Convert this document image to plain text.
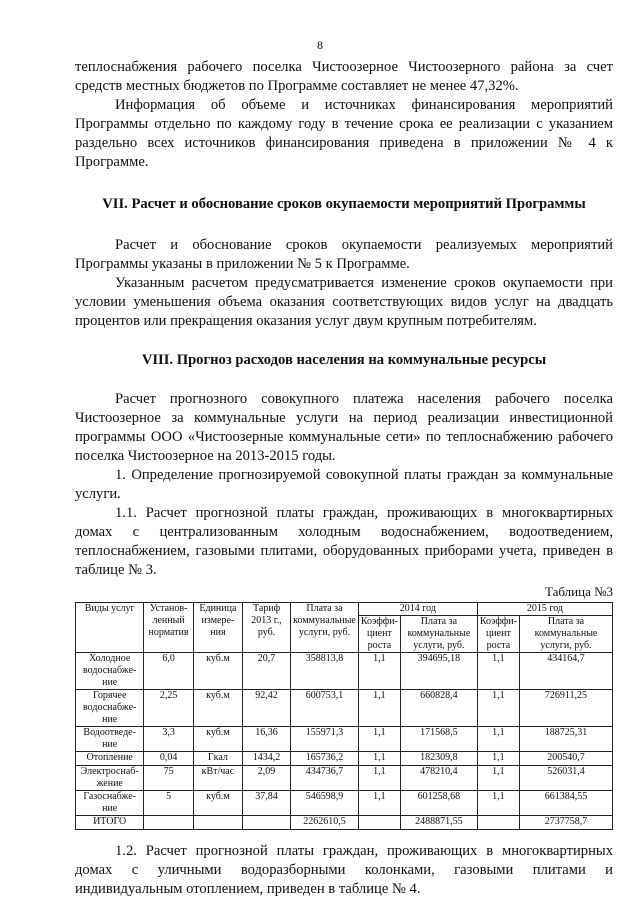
8

теплоснабжения рабочего поселка Чистоозерное Чистоозерного района за счет средств местных бюджетов по Программе составляет не менее 47,32%.

Информация об объеме и источниках финансирования мероприятий Программы отдельно по каждому году в течение срока ее реализации с указанием раздельно всех источников финансирования приведена в приложении № 4 к Программе.

VII. Расчет и обоснование сроков окупаемости мероприятий Программы

Расчет и обоснование сроков окупаемости реализуемых мероприятий Программы указаны в приложении № 5 к Программе.

Указанным расчетом предусматривается изменение сроков окупаемости при условии уменьшения объема оказания соответствующих видов услуг на двадцать процентов или прекращения оказания услуг двум крупным потребителям.

VIII. Прогноз расходов населения на коммунальные ресурсы

Расчет прогнозного совокупного платежа населения рабочего поселка Чистоозерное за коммунальные услуги на период реализации инвестиционной программы ООО «Чистоозерные коммунальные сети» по теплоснабжению рабочего поселка Чистоозерное на 2013-2015 годы.

1. Определение прогнозируемой совокупной платы граждан за коммунальные услуги.

1.1. Расчет прогнозной платы граждан, проживающих в многоквартирных домах с централизованным холодным водоснабжением, водоотведением, теплоснабжением, газовыми плитами, оборудованных приборами учета, приведен в таблице № 3.

Таблица №3
Виды услуг	Установ-ленный норматив	Единица измере-ния	Тариф 2013 г., руб.	Плата за коммунальные услуги, руб.	2014 год		2015 год	
					Коэффи-циент роста	Плата за коммунальные услуги, руб.	Коэффи-циент роста	Плата за коммунальные услуги, руб.
Холодное водоснабже-ние	6,0	куб.м	20,7	358813,8	1,1	394695,18	1,1	434164,7
Горячее водоснабже-ние	2,25	куб.м	92,42	600753,1	1,1	660828,4	1,1	726911,25
Водоотведе-ние	3,3	куб.м	16,36	155971,3	1,1	171568,5	1,1	188725,31
Отопление	0,04	Гкал	1434,2	165736,2	1,1	182309,8	1,1	200540,7
Электроснаб-жение	75	кВт/час	2,09	434736,7	1,1	478210,4	1,1	526031,4
Газоснабже-ние	5	куб.м	37,84	546598,9	1,1	601258,68	1,1	661384,55
ИТОГО				2262610,5		2488871,55		2737758,7

1.2. Расчет прогнозной платы граждан, проживающих в многоквартирных домах с уличными водоразборными колонками, газовыми плитами и индивидуальным отоплением, приведен в таблице № 4.
